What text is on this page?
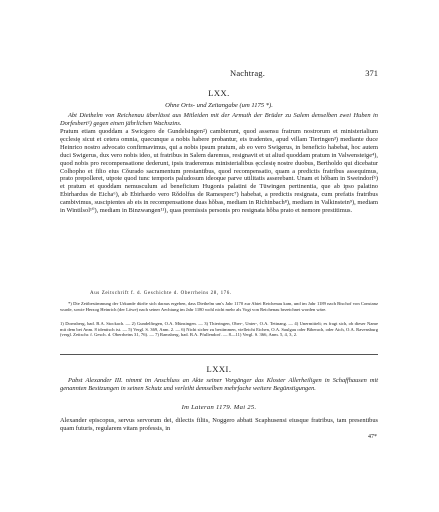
Nachtrag.	371
LXX.
Ohne Orts- und Zeitangabe (um 1175 *).
Abt Diethelm von Reichenau überlässt aus Mitleiden mit der Armuth der Brüder zu Salem denselben zwei Huben in Dorfesbert¹) gegen einen jährlichen Wachszins.
Pratum etiam quoddam a Swicgero de Gundelsingen²) cambierunt, quod assensu fratrum nostrorum et ministerialium ęcclesię sicut et cetera omnia, quecunque a nobis habere probantur, eis tradentes, apud villam Tieringen³) mediante duce Heinrico nostro advocato confirmavimus, qui a nobis ipsum pratum, ab eo vero Swigerus, in beneficio habebat, hoc autem duci Swigerus, dux vero nobis ideo, ut fratribus in Salem daremus, resignavit et ut aliud quoddam pratum in Valwensteige⁴), quod nobis pro recompensatione dederunt, ipsis traderemus ministerialibus ęcclesię nostre duobus, Bertholdo qui dicebatur Colhopho et filio eius Cǒurado sacramentum prestantibus, quod recompensatio, quam a predictis fratribus assequimus, prato prepolleret, utpote quod tunc temporis paludosum ideoque parve utilitatis asserebant. Unam et hǒbam in Sweindorf⁵) et pratum et quoddam nemusculum ad beneficium Hugonis palatini de Tüwingen pertinentia, que ab ipso palatino Ebirhardus de Eicha⁶), ab Ebirhardo vero Rǒdolfus de Ramesperc⁷) habebat, a predictis resignata, cum prefatis fratribus cambivimus, suscipientes ab eis in recompensatione duas hǒbas, mediam in Richinbach⁸), mediam in Valkinstein⁹), mediam in Wintilsol¹⁰), mediam in Binzwangen¹¹), quas premissis personis pro resignata hǒba prato et nemore prestitimus.
Aus Zeitschrift f. d. Geschichte d. Oberrheins 28, 176.
*) Die Zeitbestimmung der Urkunde dürfte sich daraus ergeben, dass Diethelm um's Jahr 1170 zur Abtei Reichenau kam, und im Jahr 1189 nach Bischof von Constanz wurde, sowie Herzog Heinrich (der Löwe) nach seiner Aechtung im Jahr 1180 wohl nicht mehr als Vogt von Reichenau bezeichnet worden wäre.
1) Dornsberg, bad. B.A. Stockach. — 2) Gundelfingen, O.A. Münsingen. — 3) Thieringen, Ober-, Unter-, O.A. Tettnang. — 4) Unermittelt; es fragt sich, ob dieser Name mit dem bei Anm. 8 identisch ist. — 5) Vergl. S. 369, Anm. 2. — 6) Nicht sicher zu bestimmen, vielleicht Eichen, O.A. Saulgau oder Biberach, oder Aich, O.A. Ravensburg (vergl. Zeitschr. f. Gesch. d. Oberrheins 31, 76). — 7) Ramsberg, bad. B.A. Pfullendorf. — 8—11) Vergl. S. 366, Anm. 5, 4, 3, 2.
LXXI.
Pabst Alexander III. nimmt im Anschluss an Akte seiner Vorgänger das Kloster Allerheiligen in Schaffhausen mit genannten Besitzungen in seinen Schutz und verleiht demselben mehrfache weitere Begünstigungen.
Im Lateran 1179. Mai 25.
Alexander episcopus, servus servorum dei, dilectis filiis, Noggero abbati Scaphusensi eiusque fratribus, tam presentibus quam futuris, regularem vitam professis, in
47*
